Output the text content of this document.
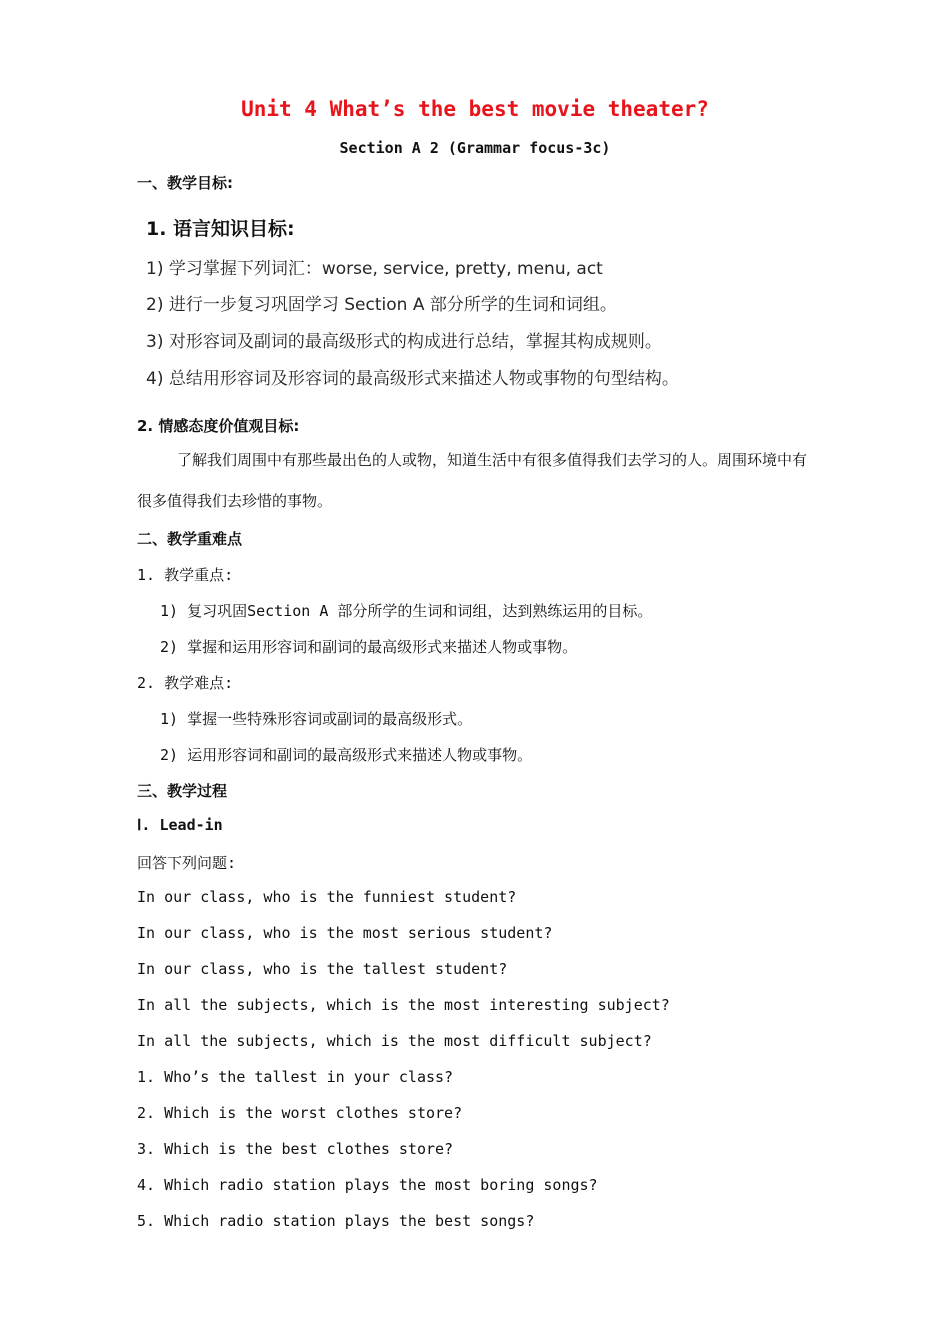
Unit 4 What’s the best movie theater?
Section A 2 (Grammar focus-3c)
一、教学目标:
1. 语言知识目标:
1) 学习掌握下列词汇：worse, service, pretty, menu, act
2) 进行一步复习巩固学习 Section A 部分所学的生词和词组。
3) 对形容词及副词的最高级形式的构成进行总结，掌握其构成规则。
4) 总结用形容词及形容词的最高级形式来描述人物或事物的句型结构。
2. 情感态度价值观目标:
了解我们周围中有那些最出色的人或物，知道生活中有很多值得我们去学习的人。周围环境中有很多值得我们去珍惜的事物。
二、教学重难点
1. 教学重点:
1) 复习巩固Section A 部分所学的生词和词组，达到熟练运用的目标。
2) 掌握和运用形容词和副词的最高级形式来描述人物或事物。
2. 教学难点:
1) 掌握一些特殊形容词或副词的最高级形式。
2) 运用形容词和副词的最高级形式来描述人物或事物。
三、教学过程
Ⅰ. Lead-in
回答下列问题:
In our class, who is the funniest student?
In our class, who is the most serious student?
In our class, who is the tallest student?
In all the subjects, which is the most interesting subject?
In all the subjects, which is the most difficult subject?
1. Who’s the tallest in your class?
2. Which is the worst clothes store?
3. Which is the best clothes store?
4. Which radio station plays the most boring songs?
5. Which radio station plays the best songs?
